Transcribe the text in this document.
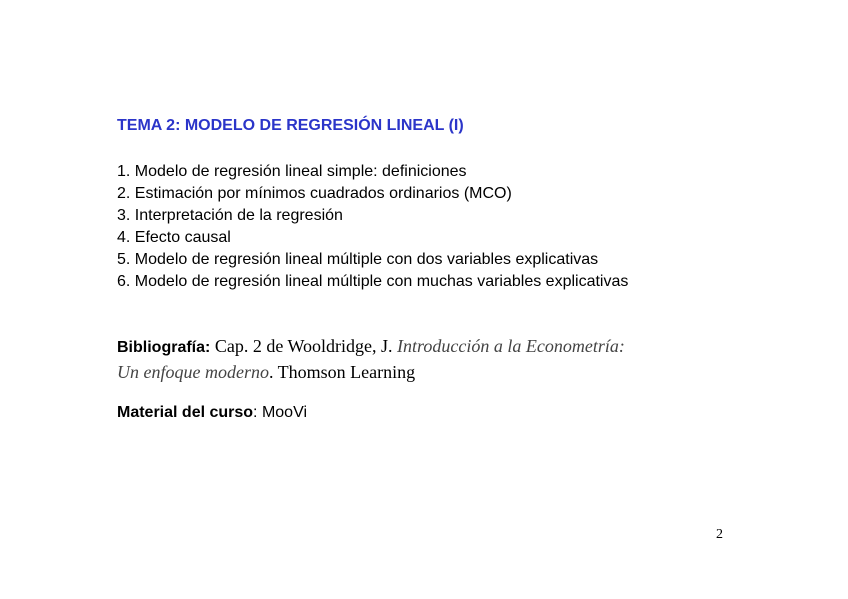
TEMA 2: MODELO DE REGRESIÓN LINEAL (I)
1. Modelo de regresión lineal simple: definiciones
2. Estimación por mínimos cuadrados ordinarios (MCO)
3. Interpretación de la regresión
4. Efecto causal
5. Modelo de regresión lineal múltiple con dos variables explicativas
6. Modelo de regresión lineal múltiple con muchas variables explicativas
Bibliografía: Cap. 2 de Wooldridge, J. Introducción a la Econometría:
Un enfoque moderno. Thomson Learning
Material del curso: MooVi
2
